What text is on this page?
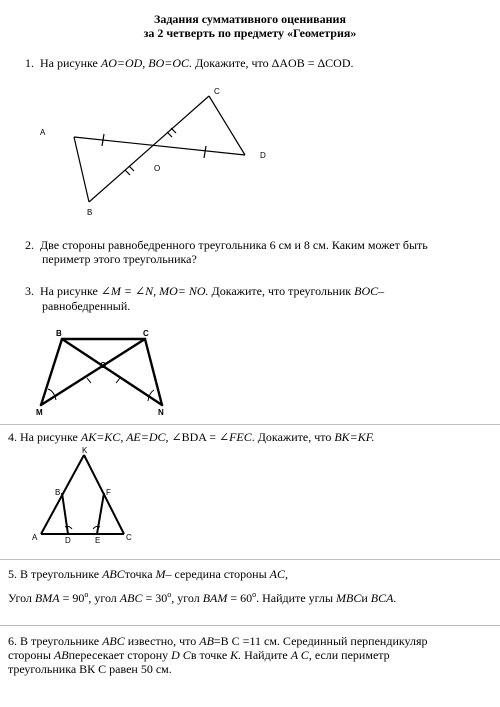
Задания суммативного оценивания
за 2 четверть по предмету «Геометрия»
1. На рисунке AO=OD, BO=OC. Докажите, что ΔAOB = ΔCOD.
A
B
C
D
O
2. Две стороны равнобедренного треугольника 6 см и 8 см. Каким может быть
периметр этого треугольника?
3. На рисунке ∠M = ∠N, MO= NO. Докажите, что треугольник BOC–
равнобедренный.
B	C
O
M	N
4. На рисунке AK=KC, AE=DC, ∠BDA = ∠FEC. Докажите, что BK=KF.
K
B	F
A	D	E	C
5. В треугольнике ABCточка M– середина стороны AC,
Угол BMA = $90^o$, угол ABC = $30^o$, угол BAM = $60^o$. Найдите углы MBCи BCA.
6. В треугольнике ABC известно, что AB=В С =11 см. Серединный перпендикуляр
стороны ABпересекает сторону D Cв точке K. Найдите A C, если периметр
треугольника ВК С равен 50 см.
